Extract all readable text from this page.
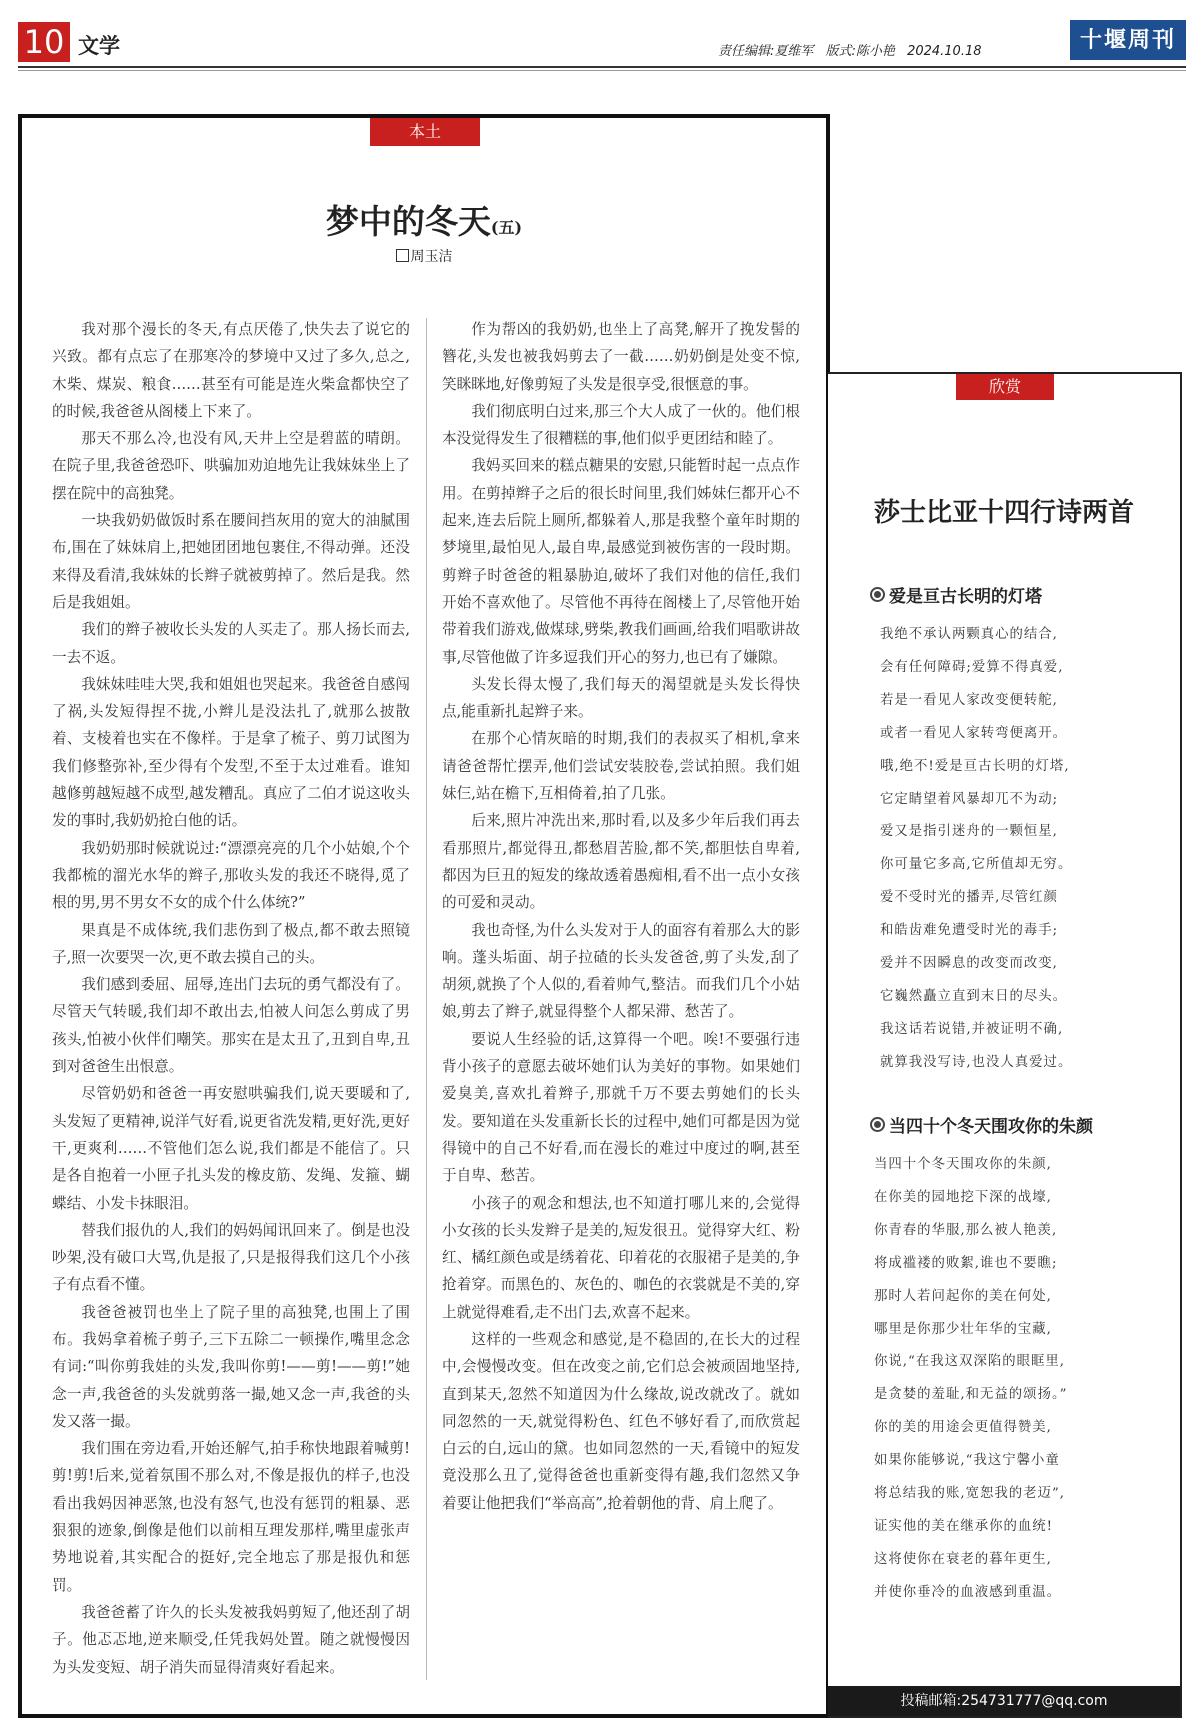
10 文学	责任编辑:夏维军 版式:陈小艳 2024.10.18	十堰周刊
本土
梦中的冬天(五)
周玉洁

我对那个漫长的冬天,有点厌倦了,快失去了说它的兴致。都有点忘了在那寒冷的梦境中又过了多久,总之,木柴、煤炭、粮食……甚至有可能是连火柴盒都快空了的时候,我爸爸从阁楼上下来了。

那天不那么冷,也没有风,天井上空是碧蓝的晴朗。在院子里,我爸爸恐吓、哄骗加劝迫地先让我妹妹坐上了摆在院中的高独凳。

一块我奶奶做饭时系在腰间挡灰用的宽大的油腻围布,围在了妹妹肩上,把她团团地包裹住,不得动弹。还没来得及看清,我妹妹的长辫子就被剪掉了。然后是我。然后是我姐姐。

我们的辫子被收长头发的人买走了。那人扬长而去,一去不返。

我妹妹哇哇大哭,我和姐姐也哭起来。我爸爸自感闯了祸,头发短得捏不拢,小辫儿是没法扎了,就那么披散着、支棱着也实在不像样。于是拿了梳子、剪刀试图为我们修整弥补,至少得有个发型,不至于太过难看。谁知越修剪越短越不成型,越发糟乱。真应了二伯才说这收头发的事时,我奶奶抢白他的话。

我奶奶那时候就说过:“漂漂亮亮的几个小姑娘,个个我都梳的溜光水华的辫子,那收头发的我还不晓得,觅了根的男,男不男女不女的成个什么体统?”

果真是不成体统,我们悲伤到了极点,都不敢去照镜子,照一次要哭一次,更不敢去摸自己的头。

我们感到委屈、屈辱,连出门去玩的勇气都没有了。尽管天气转暖,我们却不敢出去,怕被人问怎么剪成了男孩头,怕被小伙伴们嘲笑。那实在是太丑了,丑到自卑,丑到对爸爸生出恨意。

尽管奶奶和爸爸一再安慰哄骗我们,说天要暖和了,头发短了更精神,说洋气好看,说更省洗发精,更好洗,更好干,更爽利……不管他们怎么说,我们都是不能信了。只是各自抱着一小匣子扎头发的橡皮筋、发绳、发箍、蝴蝶结、小发卡抹眼泪。

替我们报仇的人,我们的妈妈闻讯回来了。倒是也没吵架,没有破口大骂,仇是报了,只是报得我们这几个小孩子有点看不懂。

我爸爸被罚也坐上了院子里的高独凳,也围上了围布。我妈拿着梳子剪子,三下五除二一顿操作,嘴里念念有词:“叫你剪我娃的头发,我叫你剪!——剪!——剪!”她念一声,我爸爸的头发就剪落一撮,她又念一声,我爸的头发又落一撮。

我们围在旁边看,开始还解气,拍手称快地跟着喊剪!剪!剪!后来,觉着氛围不那么对,不像是报仇的样子,也没看出我妈因神恶煞,也没有怒气,也没有惩罚的粗暴、恶狠狠的迹象,倒像是他们以前相互理发那样,嘴里虚张声势地说着,其实配合的挺好,完全地忘了那是报仇和惩罚。

我爸爸蓄了许久的长头发被我妈剪短了,他还刮了胡子。他忑忑地,逆来顺受,任凭我妈处置。随之就慢慢因为头发变短、胡子消失而显得清爽好看起来。

作为帮凶的我奶奶,也坐上了高凳,解开了挽发髻的簪花,头发也被我妈剪去了一截……奶奶倒是处变不惊,笑眯眯地,好像剪短了头发是很享受,很惬意的事。

我们彻底明白过来,那三个大人成了一伙的。他们根本没觉得发生了很糟糕的事,他们似乎更团结和睦了。

我妈买回来的糕点糖果的安慰,只能暂时起一点点作用。在剪掉辫子之后的很长时间里,我们姊妹仨都开心不起来,连去后院上厕所,都躲着人,那是我整个童年时期的梦境里,最怕见人,最自卑,最感觉到被伤害的一段时期。剪辫子时爸爸的粗暴胁迫,破坏了我们对他的信任,我们开始不喜欢他了。尽管他不再待在阁楼上了,尽管他开始带着我们游戏,做煤球,劈柴,教我们画画,给我们唱歌讲故事,尽管他做了许多逗我们开心的努力,也已有了嫌隙。

头发长得太慢了,我们每天的渴望就是头发长得快点,能重新扎起辫子来。

在那个心情灰暗的时期,我们的表叔买了相机,拿来请爸爸帮忙摆弄,他们尝试安装胶卷,尝试拍照。我们姐妹仨,站在檐下,互相倚着,拍了几张。

后来,照片冲洗出来,那时看,以及多少年后我们再去看那照片,都觉得丑,都愁眉苦脸,都不笑,都胆怯自卑着,都因为巨丑的短发的缘故透着愚痴相,看不出一点小女孩的可爱和灵动。

我也奇怪,为什么头发对于人的面容有着那么大的影响。蓬头垢面、胡子拉碴的长头发爸爸,剪了头发,刮了胡须,就换了个人似的,看着帅气,整洁。而我们几个小姑娘,剪去了辫子,就显得整个人都呆滞、愁苦了。

要说人生经验的话,这算得一个吧。唉!不要强行违背小孩子的意愿去破坏她们认为美好的事物。如果她们爱臭美,喜欢扎着辫子,那就千万不要去剪她们的长头发。要知道在头发重新长长的过程中,她们可都是因为觉得镜中的自己不好看,而在漫长的难过中度过的啊,甚至于自卑、愁苦。

小孩子的观念和想法,也不知道打哪儿来的,会觉得小女孩的长头发辫子是美的,短发很丑。觉得穿大红、粉红、橘红颜色或是绣着花、印着花的衣服裙子是美的,争抢着穿。而黑色的、灰色的、咖色的衣裳就是不美的,穿上就觉得难看,走不出门去,欢喜不起来。

这样的一些观念和感觉,是不稳固的,在长大的过程中,会慢慢改变。但在改变之前,它们总会被顽固地坚持,直到某天,忽然不知道因为什么缘故,说改就改了。就如同忽然的一天,就觉得粉色、红色不够好看了,而欣赏起白云的白,远山的黛。也如同忽然的一天,看镜中的短发竟没那么丑了,觉得爸爸也重新变得有趣,我们忽然又争着要让他把我们“举高高”,抢着朝他的背、肩上爬了。

欣赏
莎士比亚十四行诗两首
爱是亘古长明的灯塔
我绝不承认两颗真心的结合,
会有任何障碍;爱算不得真爱,
若是一看见人家改变便转舵,
或者一看见人家转弯便离开。
哦,绝不!爱是亘古长明的灯塔,
它定睛望着风暴却兀不为动;
爱又是指引迷舟的一颗恒星,
你可量它多高,它所值却无穷。
爱不受时光的播弄,尽管红颜
和皓齿难免遭受时光的毒手;
爱并不因瞬息的改变而改变,
它巍然矗立直到末日的尽头。
我这话若说错,并被证明不确,
就算我没写诗,也没人真爱过。
当四十个冬天围攻你的朱颜
当四十个冬天围攻你的朱颜,
在你美的园地挖下深的战壕,
你青春的华服,那么被人艳羡,
将成褴褛的败絮,谁也不要瞧;
那时人若问起你的美在何处,
哪里是你那少壮年华的宝藏,
你说,“在我这双深陷的眼眶里,
是贪婪的羞耻,和无益的颂扬。”
你的美的用途会更值得赞美,
如果你能够说,“我这宁馨小童
将总结我的账,宽恕我的老迈”,
证实他的美在继承你的血统!
这将使你在衰老的暮年更生,
并使你垂冷的血液感到重温。
投稿邮箱:254731777@qq.com
